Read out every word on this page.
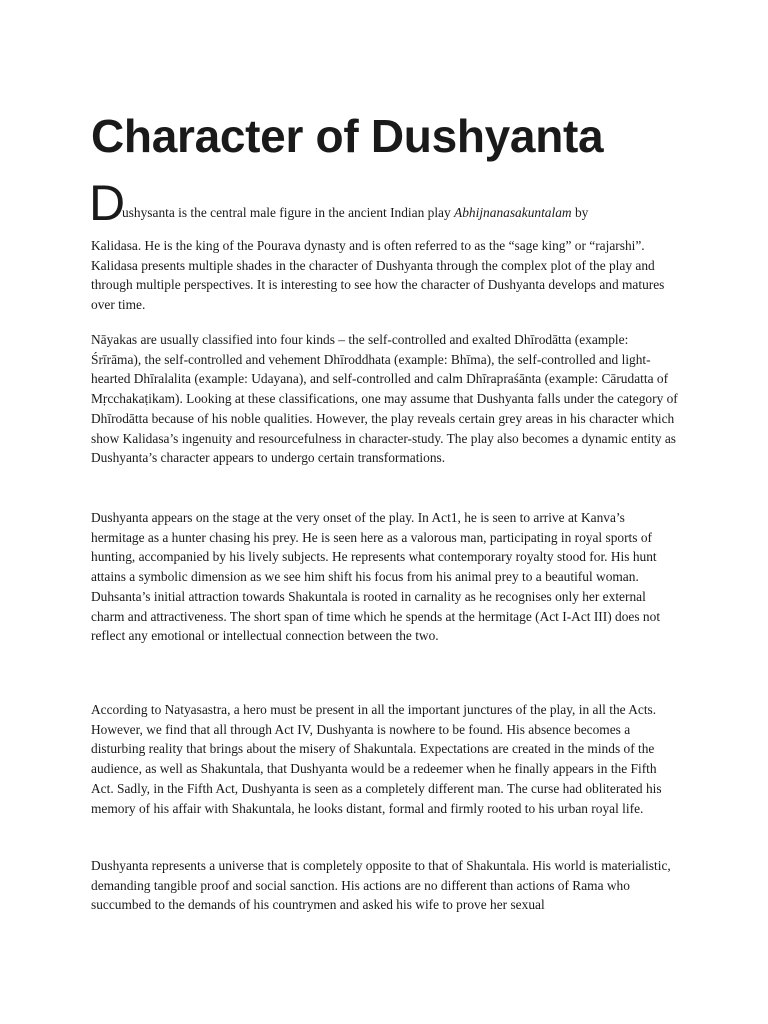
Character of Dushyanta
D
ushysanta is the central male figure in the ancient Indian play Abhijnanasakuntalam by

Kalidasa. He is the king of the Pourava dynasty and is often referred to as the “sage king” or “rajarshi”. Kalidasa presents multiple shades in the character of Dushyanta through the complex plot of the play and through multiple perspectives. It is interesting to see how the character of Dushyanta develops and matures over time.

Nāyakas are usually classified into four kinds – the self-controlled and exalted Dhīrodātta (example: Śrīrāma), the self-controlled and vehement Dhīroddhata (example: Bhīma), the self-controlled and light-hearted Dhīralalita (example: Udayana), and self-controlled and calm Dhīrapraśānta (example: Cārudatta of Mṛcchakaṭikam). Looking at these classifications, one may assume that Dushyanta falls under the category of Dhīrodātta because of his noble qualities. However, the play reveals certain grey areas in his character which show Kalidasa’s ingenuity and resourcefulness in character-study. The play also becomes a dynamic entity as Dushyanta’s character appears to undergo certain transformations.

Dushyanta appears on the stage at the very onset of the play. In Act1, he is seen to arrive at Kanva’s hermitage as a hunter chasing his prey. He is seen here as a valorous man, participating in royal sports of hunting, accompanied by his lively subjects. He represents what contemporary royalty stood for. His hunt attains a symbolic dimension as we see him shift his focus from his animal prey to a beautiful woman. Duhsanta’s initial attraction towards Shakuntala is rooted in carnality as he recognises only her external charm and attractiveness. The short span of time which he spends at the hermitage (Act I-Act III) does not reflect any emotional or intellectual connection between the two.

According to Natyasastra, a hero must be present in all the important junctures of the play, in all the Acts. However, we find that all through Act IV, Dushyanta is nowhere to be found. His absence becomes a disturbing reality that brings about the misery of Shakuntala. Expectations are created in the minds of the audience, as well as Shakuntala, that Dushyanta would be a redeemer when he finally appears in the Fifth Act. Sadly, in the Fifth Act, Dushyanta is seen as a completely different man. The curse had obliterated his memory of his affair with Shakuntala, he looks distant, formal and firmly rooted to his urban royal life.

Dushyanta represents a universe that is completely opposite to that of Shakuntala. His world is materialistic, demanding tangible proof and social sanction. His actions are no different than actions of Rama who succumbed to the demands of his countrymen and asked his wife to prove her sexual
